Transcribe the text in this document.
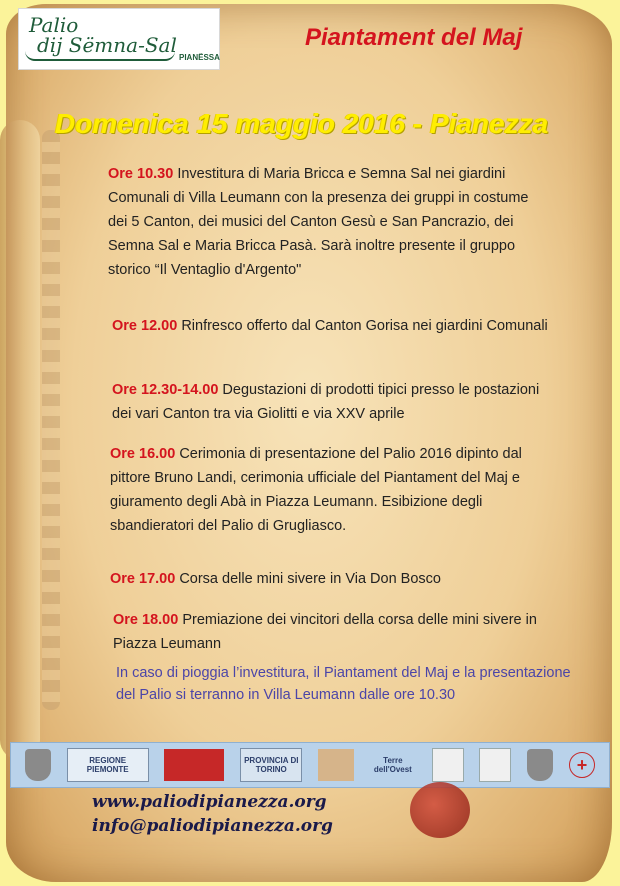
Palio
dij Sëmna-Sal
PIANËSSA
Piantament del Maj
Domenica 15 maggio 2016 - Pianezza
Ore 10.30 Investitura di Maria Bricca e Semna Sal nei giardini Comunali di Villa Leumann con la presenza dei gruppi in costume dei 5 Canton, dei musici del Canton Gesù e San Pancrazio, dei Semna Sal e Maria Bricca Pasà. Sarà inoltre presente il gruppo storico “Il Ventaglio d'Argento"
Ore 12.00 Rinfresco offerto dal Canton Gorisa nei giardini Comunali
Ore 12.30-14.00 Degustazioni di prodotti tipici presso le postazioni dei vari Canton tra via Giolitti e via XXV aprile
Ore 16.00 Cerimonia di presentazione del Palio 2016 dipinto dal pittore Bruno Landi, cerimonia ufficiale del Piantament del Maj e giuramento degli Abà in Piazza Leumann. Esibizione degli sbandieratori del Palio di Grugliasco.
Ore 17.00 Corsa delle mini sivere in Via Don Bosco
Ore 18.00 Premiazione dei vincitori della corsa delle mini sivere in Piazza Leumann
In caso di pioggia l’investitura, il Piantament del Maj e la presentazione del Palio si terranno in Villa Leumann dalle ore 10.30
REGIONE PIEMONTE
PROVINCIA DI TORINO
Terre dell'Ovest	+
www.paliodipianezza.org
info@paliodipianezza.org
